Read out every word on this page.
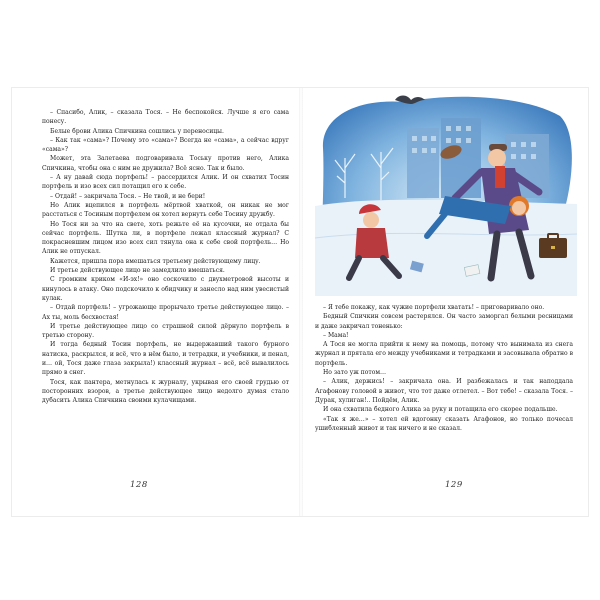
– Спасибо, Алик, – сказала Тося. – Не беспокойся. Лучше я его сама понесу.

Белые брови Алика Спичкина сошлись у переносицы.

– Как так «сама»? Почему это «сама»? Всегда не «сама», а сейчас вдруг «сама»?

Может, эта Залетаева подговаривала Тоську против него, Алика Спичкина, чтобы она с ним не дружила? Всё ясно. Так и было.

– А ну давай сюда портфель! – рассердился Алик. И он схватил Тосин портфель и изо всех сил потащил его к себе.

– Отдай! – закричала Тося. – Не твой, и не бери!

Но Алик вцепился в портфель мёртвой хваткой, он никак не мог расстаться с Тосиным портфелем он хотел вернуть себе Тосину дружбу.

Но Тося ни за что на свете, хоть режьте её на кусочки, не отдала бы сейчас портфель. Шутка ли, в портфеле лежал классный журнал? С покрасневшим лицом изо всех сил тянула она к себе свой портфель… Но Алик не отпускал.

Кажется, пришла пора вмешаться третьему действующему лицу.

И третье действующее лицо не замедлило вмешаться.

С громким криком «И-эх!» оно соскочило с двухметровой высоты и кинулось в атаку. Оно подскочило к обидчику и занесло над ним увесистый кулак.

– Отдай портфель! – угрожающе прорычало третье действующее лицо. – Ах ты, моль бесхвостая!

И третье действующее лицо со страшной силой дёрнуло портфель в третью сторону.

И тогда бедный Тосин портфель, не выдержавший такого бурного натиска, раскрылся, и всё, что в нём было, и тетрадки, и учебники, и пенал, и… ой, Тося даже глаза закрыла!) классный журнал – всё, всё вывалилось прямо в снег.

Тося, как пантера, метнулась к журналу, укрывая его своей грудью от посторонних взоров, а третье действующее лицо недолго думая стало дубасить Алика Спичкина своими кулачищами.

128

– Я тебе покажу, как чужие портфели хватать! – приговаривало оно.

Бедный Спичкин совсем растерялся. Он часто заморгал белыми ресницами и даже закричал тоненько:

– Мама!

А Тося не могла прийти к нему на помощь, потому что вынимала из снега журнал и прятала его между учебниками и тетрадками и засовывала обратно в портфель.

Но зато уж потом…

– Алик, держись! – закричала она. И разбежалась и так наподдала Агафонову головой в живот, что тот даже отлетел. – Вот тебе! – сказала Тося. – Дурак, хулиган!.. Пойдём, Алик.

И она схватила бедного Алика за руку и потащила его скорее подальше.

«Так я же…» – хотел ей вдогонку сказать Агафонов, но только почесал ушибленный живот и так ничего и не сказал.

129
